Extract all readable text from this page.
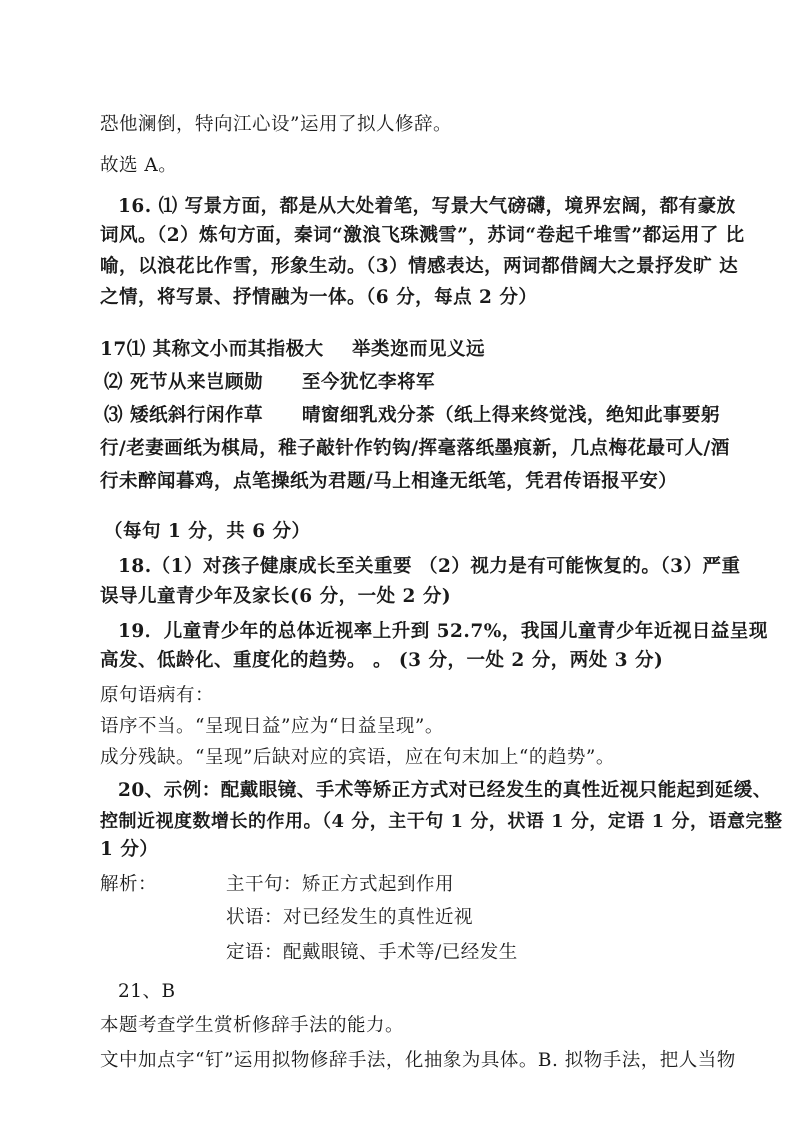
恐他澜倒，特向江心设”运用了拟人修辞。
故选 A。
16. ⑴ 写景方面，都是从大处着笔，写景大气磅礴，境界宏阔，都有豪放
词风。（2）炼句方面，秦词“激浪飞珠溅雪”，苏词“卷起千堆雪”都运用了 比
喻，以浪花比作雪，形象生动。（3）情感表达，两词都借阔大之景抒发旷 达
之情，将写景、抒情融为一体。（6 分，每点 2 分）
17⑴ 其称文小而其指极大 举类迩而见义远
⑵ 死节从来岂顾勋 至今犹忆李将军
⑶ 矮纸斜行闲作草 晴窗细乳戏分茶（纸上得来终觉浅，绝知此事要躬
行/老妻画纸为棋局，稚子敲针作钓钩/挥毫落纸墨痕新，几点梅花最可人/酒
行未醉闻暮鸡，点笔操纸为君题/马上相逢无纸笔，凭君传语报平安）
（每句 1 分，共 6 分）
18.（1）对孩子健康成长至关重要 （2）视力是有可能恢复的。（3）严重
误导儿童青少年及家长(6 分，一处 2 分)
19．儿童青少年的总体近视率上升到 52.7%，我国儿童青少年近视日益呈现
高发、低龄化、重度化的趋势。 。 (3 分，一处 2 分，两处 3 分)
原句语病有：
语序不当。“呈现日益”应为“日益呈现”。
成分残缺。“呈现”后缺对应的宾语，应在句末加上“的趋势”。
20、示例：配戴眼镜、手术等矫正方式对已经发生的真性近视只能起到延缓、
控制近视度数增长的作用。（4 分，主干句 1 分，状语 1 分，定语 1 分，语意完整
1 分）
解析：	主干句：矫正方式起到作用
状语：对已经发生的真性近视
定语：配戴眼镜、手术等/已经发生
21、B
本题考查学生赏析修辞手法的能力。
文中加点字“钉”运用拟物修辞手法，化抽象为具体。B. 拟物手法，把人当物
